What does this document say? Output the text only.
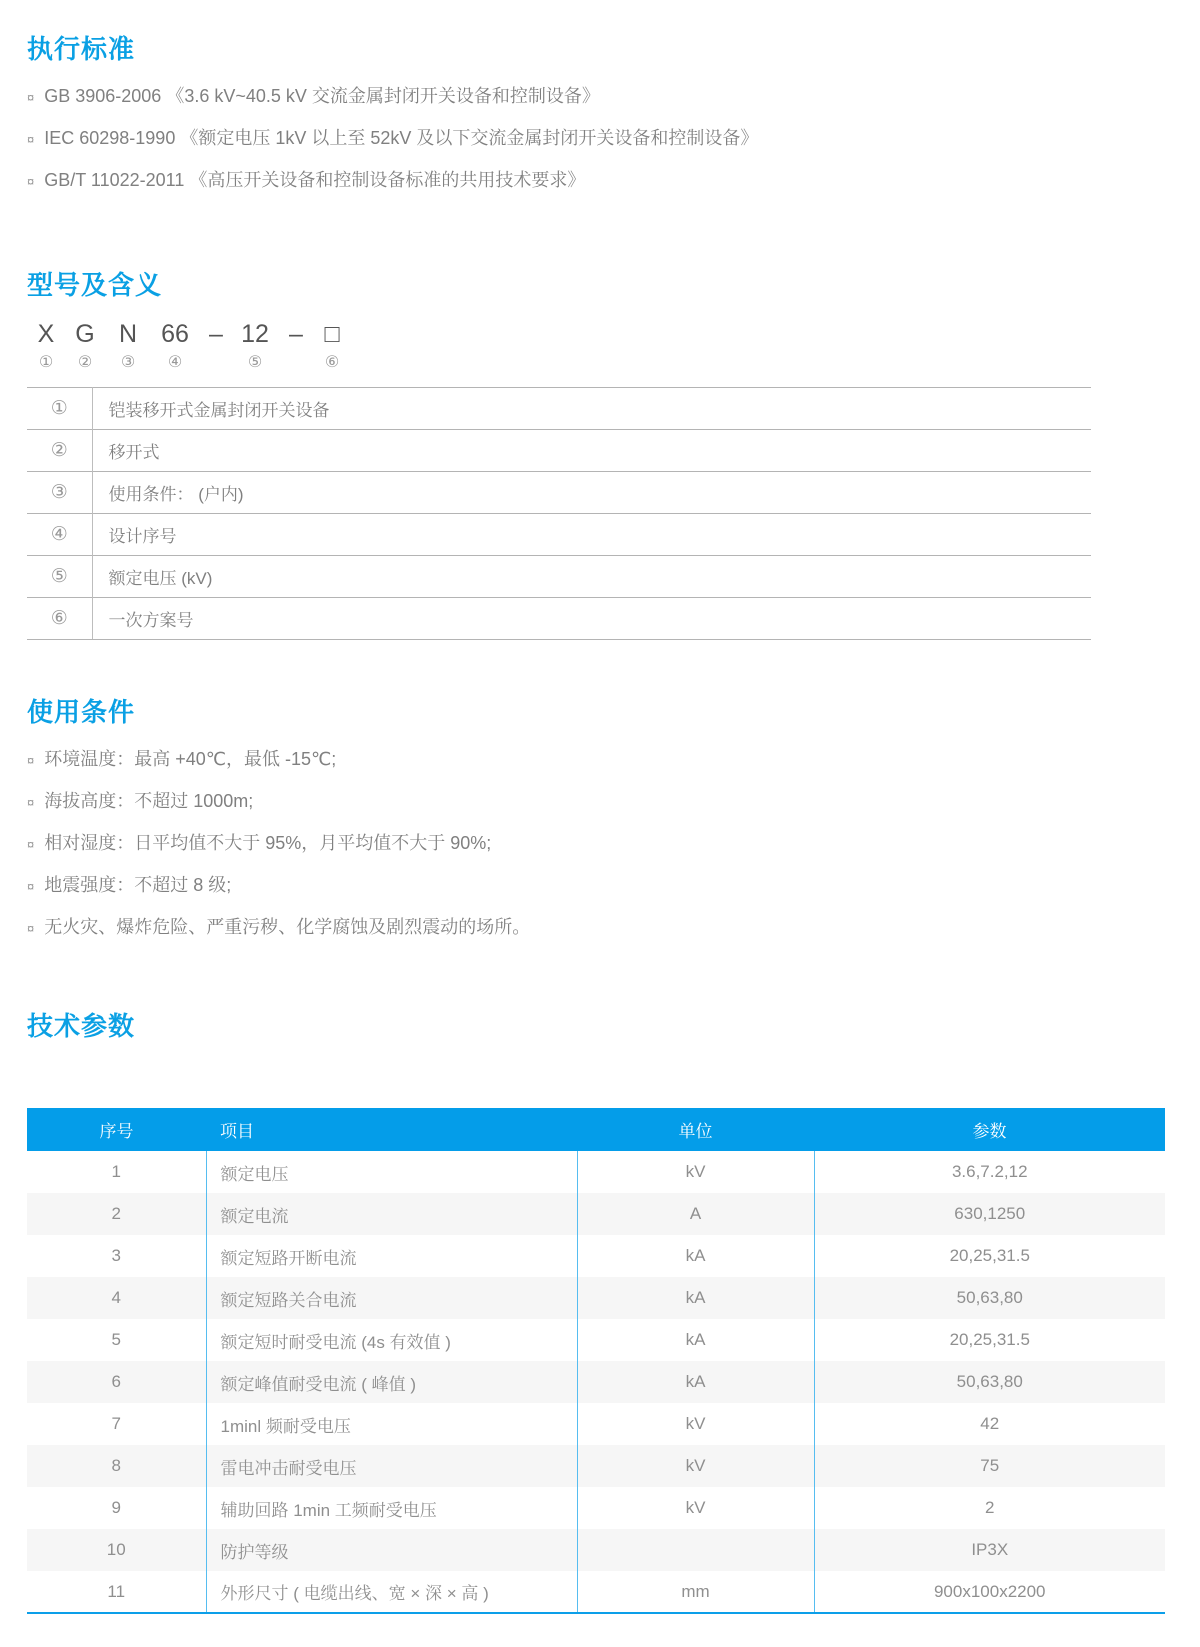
执行标准
¤ GB 3906-2006 《3.6 kV~40.5 kV 交流金属封闭开关设备和控制设备》
¤ IEC 60298-1990 《额定电压 1kV 以上至 52kV 及以下交流金属封闭开关设备和控制设备》
¤ GB/T 11022-2011 《高压开关设备和控制设备标准的共用技术要求》
型号及含义
X
①
G
②
N
③
66
④
– 12
⑤
– □
⑥
①	铠装移开式金属封闭开关设备
②	移开式
③	使用条件： (户内)
④	设计序号
⑤	额定电压 (kV)
⑥	一次方案号
使用条件
¤ 环境温度：最高 +40℃，最低 -15℃;
¤ 海拔高度：不超过 1000m;
¤ 相对湿度：日平均值不大于 95%，月平均值不大于 90%;
¤ 地震强度：不超过 8 级;
¤ 无火灾、爆炸危险、严重污秽、化学腐蚀及剧烈震动的场所。
技术参数
序号	项目	单位	参数
1	额定电压	kV	3.6,7.2,12
2	额定电流	A	630,1250
3	额定短路开断电流	kA	20,25,31.5
4	额定短路关合电流	kA	50,63,80
5	额定短时耐受电流 (4s 有效值 )	kA	20,25,31.5
6	额定峰值耐受电流 ( 峰值 )	kA	50,63,80
7	1minl 频耐受电压	kV	42
8	雷电冲击耐受电压	kV	75
9	辅助回路 1min 工频耐受电压	kV	2
10	防护等级		IP3X
11	外形尺寸 ( 电缆出线、宽 × 深 × 高 )	mm	900x100x2200
